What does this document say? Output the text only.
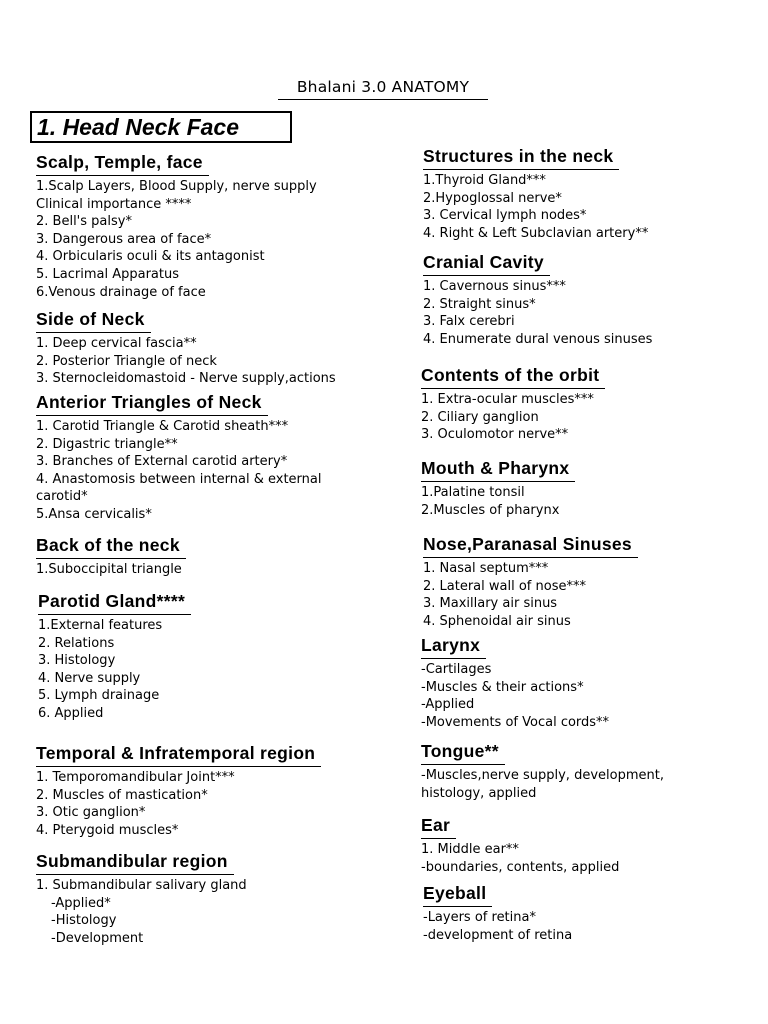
Bhalani 3.0 ANATOMY
1. Head Neck Face
Scalp, Temple, face
1.Scalp Layers, Blood Supply, nerve supply
Clinical importance ****
2. Bell's palsy*
3. Dangerous area of face*
4. Orbicularis oculi & its antagonist
5. Lacrimal Apparatus
6.Venous drainage of face
Side of Neck
1. Deep cervical fascia**
2. Posterior Triangle of neck
3. Sternocleidomastoid - Nerve supply,actions
Anterior Triangles of Neck
1. Carotid Triangle & Carotid sheath***
2. Digastric triangle**
3. Branches of External carotid artery*
4. Anastomosis between internal & external carotid*
5.Ansa cervicalis*
Back of the neck
1.Suboccipital triangle
Parotid Gland****
1.External features
2. Relations
3. Histology
4. Nerve supply
5. Lymph drainage
6. Applied
Temporal & Infratemporal region
1. Temporomandibular Joint***
2. Muscles of mastication*
3. Otic ganglion*
4. Pterygoid muscles*
Submandibular region
1. Submandibular salivary gland
-Applied*
-Histology
-Development
Structures in the neck
1.Thyroid Gland***
2.Hypoglossal nerve*
3. Cervical lymph nodes*
4. Right & Left Subclavian artery**
Cranial Cavity
1. Cavernous sinus***
2. Straight sinus*
3. Falx cerebri
4. Enumerate dural venous sinuses
Contents of the orbit
1. Extra-ocular muscles***
2. Ciliary ganglion
3. Oculomotor nerve**
Mouth & Pharynx
1.Palatine tonsil
2.Muscles of pharynx
Nose,Paranasal Sinuses
1. Nasal septum***
2. Lateral wall of nose***
3. Maxillary air sinus
4. Sphenoidal air sinus
Larynx
-Cartilages
-Muscles & their actions*
-Applied
-Movements of Vocal cords**
Tongue**
-Muscles,nerve supply, development, histology, applied
Ear
1. Middle ear**
-boundaries, contents, applied
Eyeball
-Layers of retina*
-development of retina
